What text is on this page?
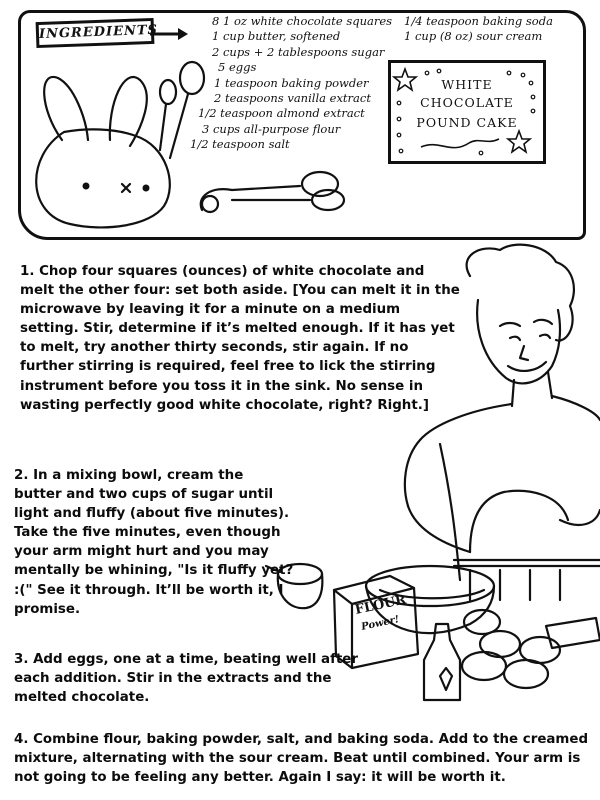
INGREDIENTS
8 1 oz white chocolate squares
1 cup butter, softened
2 cups + 2 tablespoons sugar
5 eggs
1 teaspoon baking powder
2 teaspoons vanilla extract
1/2 teaspoon almond extract
3 cups all-purpose flour
1/2 teaspoon salt
1/4 teaspoon baking soda
1 cup (8 oz) sour cream
WHITE
CHOCOLATE
POUND CAKE
FLOUR
Power!

1. Chop four squares (ounces) of white chocolate and melt the other four: set both aside. [You can melt it in the microwave by leaving it for a minute on a medium setting. Stir, determine if it’s melted enough. If it has yet to melt, try another thirty seconds, stir again. If no further stirring is required, feel free to lick the stirring instrument before you toss it in the sink. No sense in wasting perfectly good white chocolate, right? Right.]

2. In a mixing bowl, cream the butter and two cups of sugar until light and fluffy (about five minutes). Take the five minutes, even though your arm might hurt and you may mentally be whining, "Is it fluffy yet? :(" See it through. It’ll be worth it, I promise.

3. Add eggs, one at a time, beating well after each addition. Stir in the extracts and the melted chocolate.

4. Combine flour, baking powder, salt, and baking soda. Add to the creamed mixture, alternating with the sour cream. Beat until combined. Your arm is not going to be feeling any better. Again I say: it will be worth it.
